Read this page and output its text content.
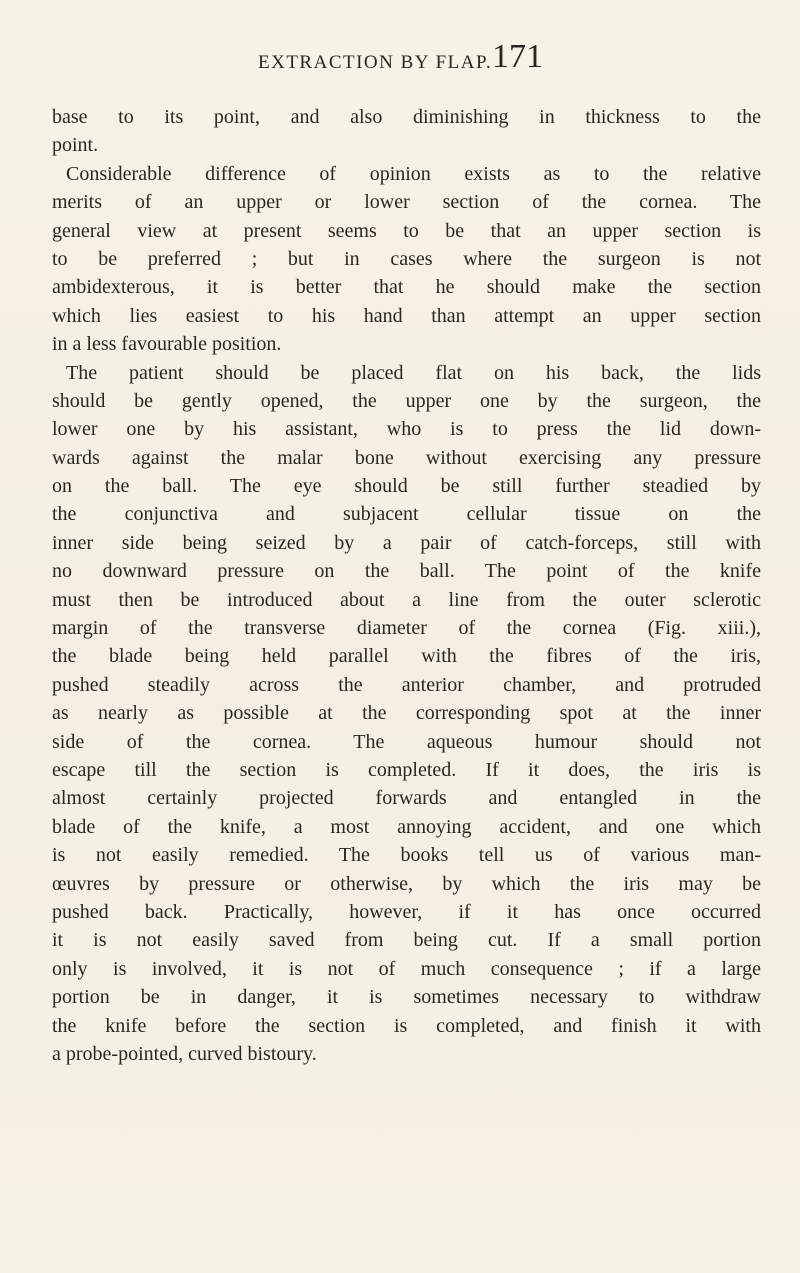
EXTRACTION BY FLAP. 171
base to its point, and also diminishing in thickness to the
point.
Considerable difference of opinion exists as to the relative
merits of an upper or lower section of the cornea. The
general view at present seems to be that an upper section is
to be preferred ; but in cases where the surgeon is not
ambidexterous, it is better that he should make the section
which lies easiest to his hand than attempt an upper section
in a less favourable position.
The patient should be placed flat on his back, the lids
should be gently opened, the upper one by the surgeon, the
lower one by his assistant, who is to press the lid down-
wards against the malar bone without exercising any pressure
on the ball. The eye should be still further steadied by
the conjunctiva and subjacent cellular tissue on the
inner side being seized by a pair of catch-forceps, still with
no downward pressure on the ball. The point of the knife
must then be introduced about a line from the outer sclerotic
margin of the transverse diameter of the cornea (Fig. xiii.),
the blade being held parallel with the fibres of the iris,
pushed steadily across the anterior chamber, and protruded
as nearly as possible at the corresponding spot at the inner
side of the cornea. The aqueous humour should not
escape till the section is completed. If it does, the iris is
almost certainly projected forwards and entangled in the
blade of the knife, a most annoying accident, and one which
is not easily remedied. The books tell us of various man-
œuvres by pressure or otherwise, by which the iris may be
pushed back. Practically, however, if it has once occurred
it is not easily saved from being cut. If a small portion
only is involved, it is not of much consequence ; if a large
portion be in danger, it is sometimes necessary to withdraw
the knife before the section is completed, and finish it with
a probe-pointed, curved bistoury.
